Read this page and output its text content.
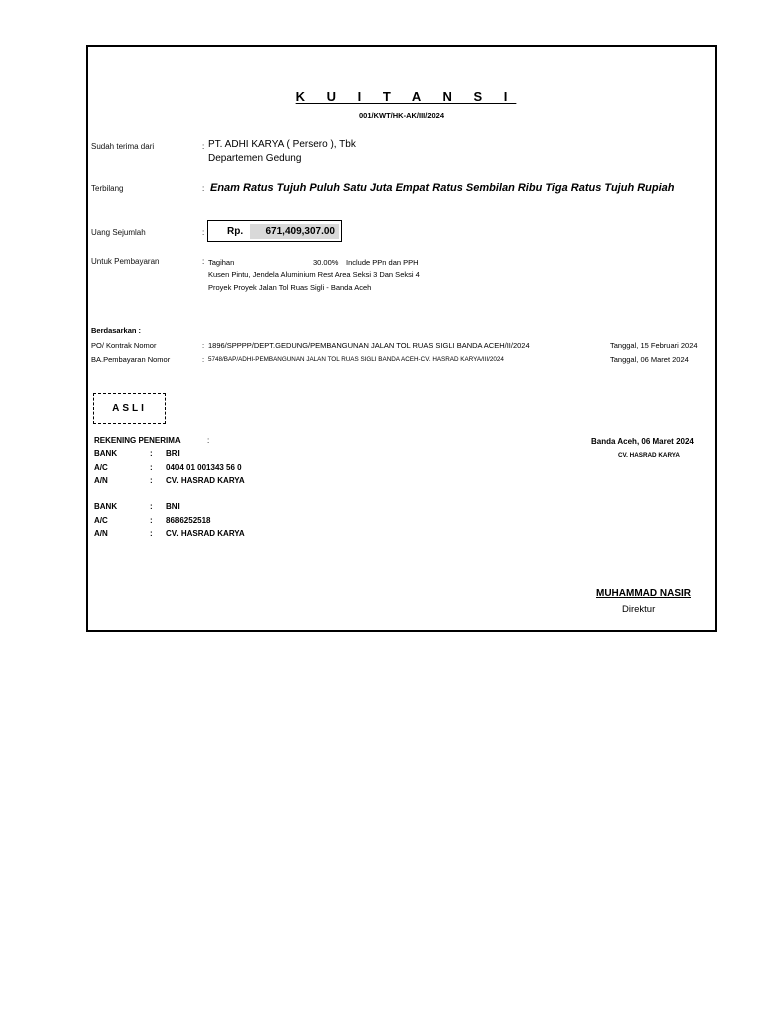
K U I T A N S I
001/KWT/HK-AK/III/2024
Sudah terima dari	: PT. ADHI KARYA ( Persero ), Tbk
Departemen Gedung
Terbilang	: Enam Ratus Tujuh Puluh Satu Juta Empat Ratus Sembilan Ribu Tiga Ratus Tujuh Rupiah
Uang Sejumlah	: Rp.	671,409,307.00
Untuk Pembayaran	: Tagihan	30.00% Include PPn dan PPH
Kusen Pintu, Jendela Aluminium Rest Area Seksi 3 Dan Seksi 4
Proyek Proyek Jalan Tol Ruas Sigli - Banda Aceh
Berdasarkan :
PO/ Kontrak Nomor	: 1896/SPPPP/DEPT.GEDUNG/PEMBANGUNAN JALAN TOL RUAS SIGLI BANDA ACEH/II/2024	Tanggal, 15 Februari 2024
BA.Pembayaran Nomor	: 5748/BAP/ADHI-PEMBANGUNAN JALAN TOL RUAS SIGLI BANDA ACEH-CV. HASRAD KARYA/III/2024	Tanggal, 06 Maret 2024
ASLI
REKENING PENERIMA	:
BANK	: BRI
A/C	: 0404 01 001343 56 0
A/N	: CV. HASRAD KARYA
BANK	: BNI
A/C	: 8686252518
A/N	: CV. HASRAD KARYA
Banda Aceh, 06 Maret 2024
CV. HASRAD KARYA
MUHAMMAD NASIR
Direktur
